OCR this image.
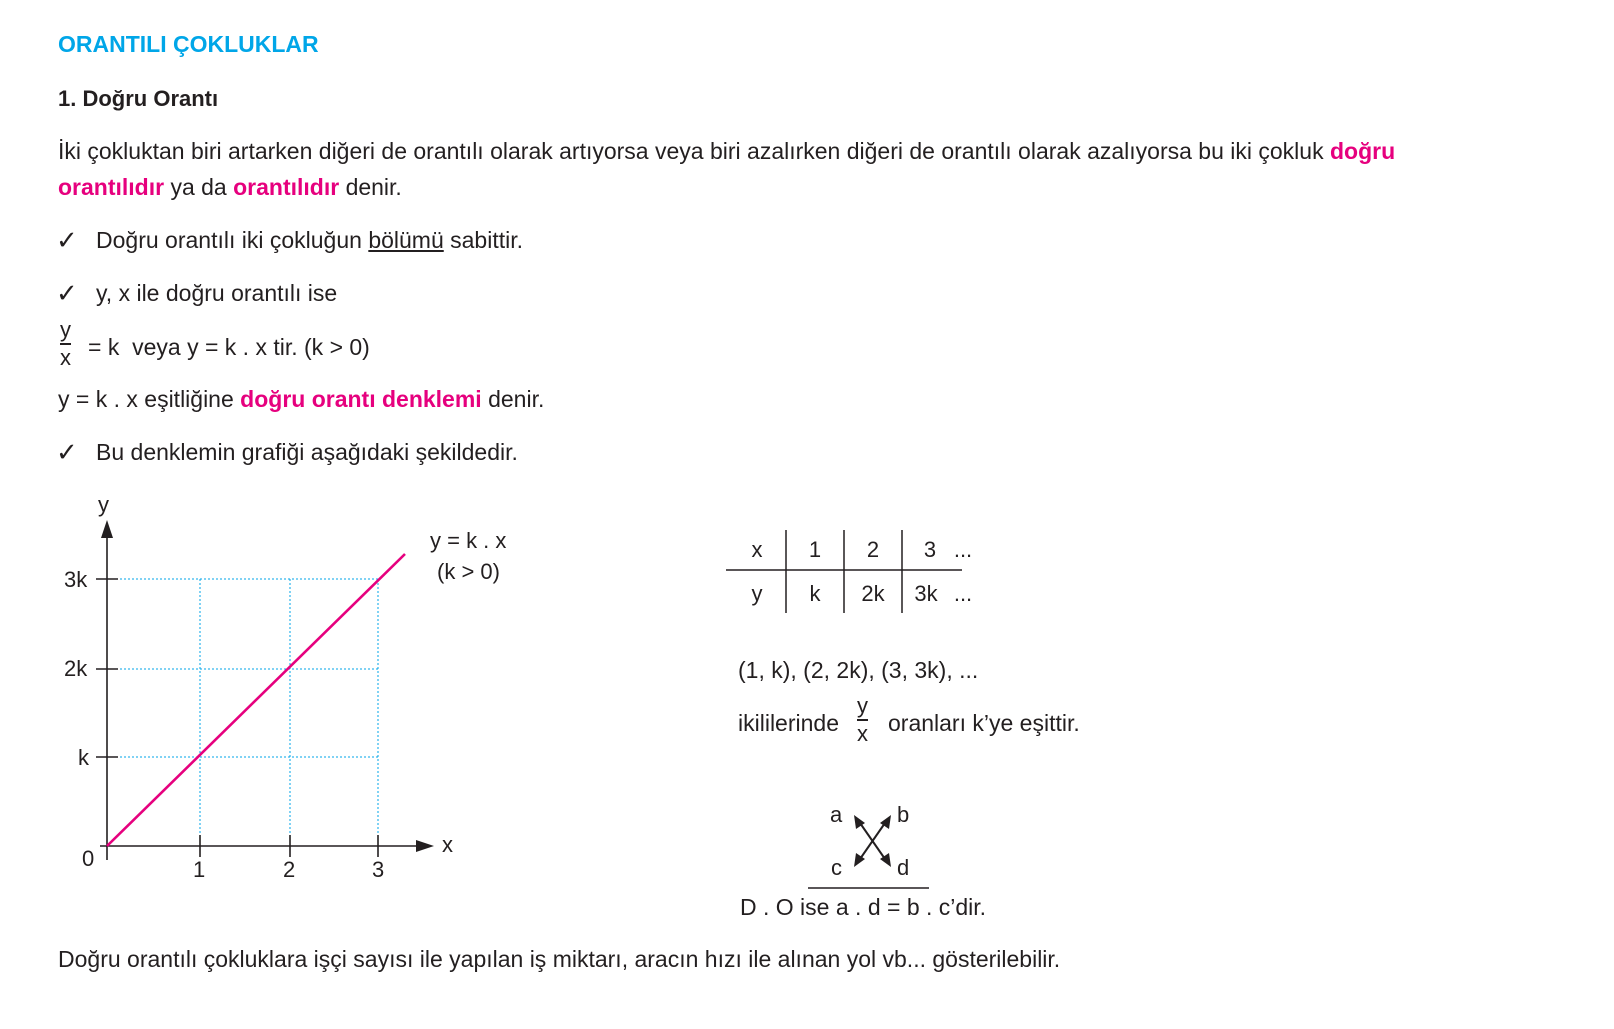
ORANTILI ÇOKLUKLAR
1. Doğru Orantı
İki çokluktan biri artarken diğeri de orantılı olarak artıyorsa veya biri azalırken diğeri de orantılı olarak azalıyorsa bu iki çokluk doğru
orantılıdır ya da orantılıdır denir.
✓ Doğru orantılı iki çokluğun bölümü sabittir.
✓ y, x ile doğru orantılı ise
y
x = k  veya y = k . x tir. (k > 0)
y = k . x eşitliğine doğru orantı denklemi denir.
✓ Bu denklemin grafiği aşağıdaki şekildedir.
y
x
0	1	2	3
k
2k
3k
y = k . x
(k > 0)
x 1 2 3 ...
y k 2k 3k ...
(1, k), (2, 2k), (3, 3k), ...
ikililerinde
y
x oranları k’ye eşittir.
a b
c	d
D . O ise a . d = b . c’dir.
Doğru orantılı çokluklara işçi sayısı ile yapılan iş miktarı, aracın hızı ile alınan yol vb... gösterilebilir.
